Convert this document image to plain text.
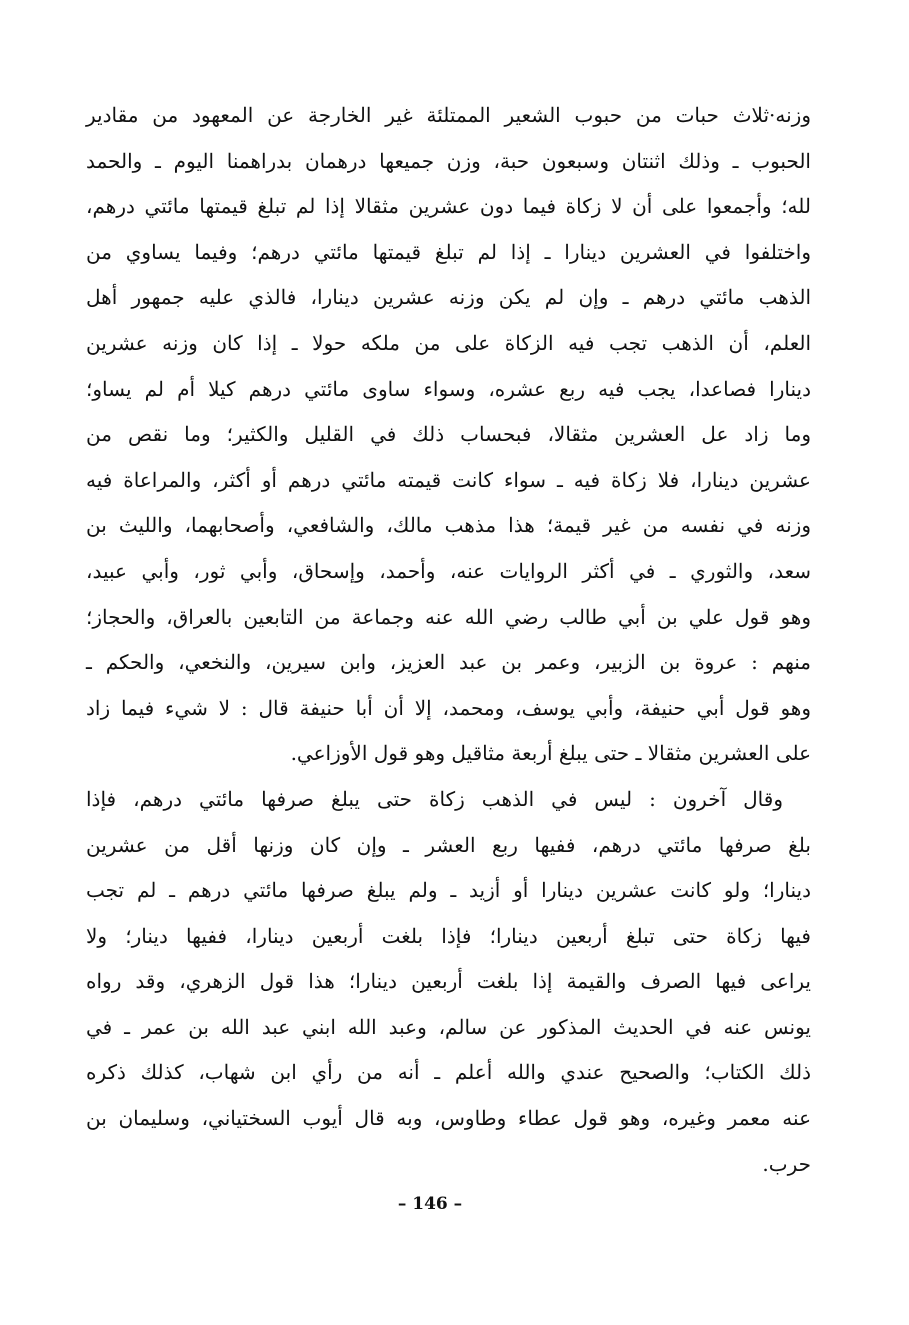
وزنه·ثلاث حبات من حبوب الشعير الممتلئة غير الخارجة عن المعهود من مقادير
الحبوب ـ وذلك اثنتان وسبعون حبة، وزن جميعها درهمان بدراهمنا اليوم ـ والحمد
لله؛ وأجمعوا على أن لا زكاة فيما دون عشرين مثقالا إذا لم تبلغ قيمتها مائتي درهم،
واختلفوا في العشرين دينارا ـ إذا لم تبلغ قيمتها مائتي درهم؛ وفيما يساوي من
الذهب مائتي درهم ـ وإن لم يكن وزنه عشرين دينارا، فالذي عليه جمهور أهل
العلم، أن الذهب تجب فيه الزكاة على من ملكه حولا ـ إذا كان وزنه عشرين
دينارا فصاعدا، يجب فيه ربع عشره، وسواء ساوى مائتي درهم كيلا أم لم يساو؛
وما زاد عل العشرين مثقالا، فبحساب ذلك في القليل والكثير؛ وما نقص من
عشرين دينارا، فلا زكاة فيه ـ سواء كانت قيمته مائتي درهم أو أكثر، والمراعاة فيه
وزنه في نفسه من غير قيمة؛ هذا مذهب مالك، والشافعي، وأصحابهما، والليث بن
سعد، والثوري ـ في أكثر الروايات عنه، وأحمد، وإسحاق، وأبي ثور، وأبي عبيد،
وهو قول علي بن أبي طالب رضي الله عنه وجماعة من التابعين بالعراق، والحجاز؛
منهم : عروة بن الزبير، وعمر بن عبد العزيز، وابن سيرين، والنخعي، والحكم ـ
وهو قول أبي حنيفة، وأبي يوسف، ومحمد، إلا أن أبا حنيفة قال : لا شيء فيما زاد
على العشرين مثقالا ـ حتى يبلغ أربعة مثاقيل وهو قول الأوزاعي.
وقال آخرون : ليس في الذهب زكاة حتى يبلغ صرفها مائتي درهم، فإذا
بلغ صرفها مائتي درهم، ففيها ربع العشر ـ وإن كان وزنها أقل من عشرين
دينارا؛ ولو كانت عشرين دينارا أو أزيد ـ ولم يبلغ صرفها مائتي درهم ـ لم تجب
فيها زكاة حتى تبلغ أربعين دينارا؛ فإذا بلغت أربعين دينارا، ففيها دينار؛ ولا
يراعى فيها الصرف والقيمة إذا بلغت أربعين دينارا؛ هذا قول الزهري، وقد رواه
يونس عنه في الحديث المذكور عن سالم، وعبد الله ابني عبد الله بن عمر ـ في
ذلك الكتاب؛ والصحيح عندي والله أعلم ـ أنه من رأي ابن شهاب، كذلك ذكره
عنه معمر وغيره، وهو قول عطاء وطاوس، وبه قال أيوب السختياني، وسليمان بن
حرب.
– 146 –
